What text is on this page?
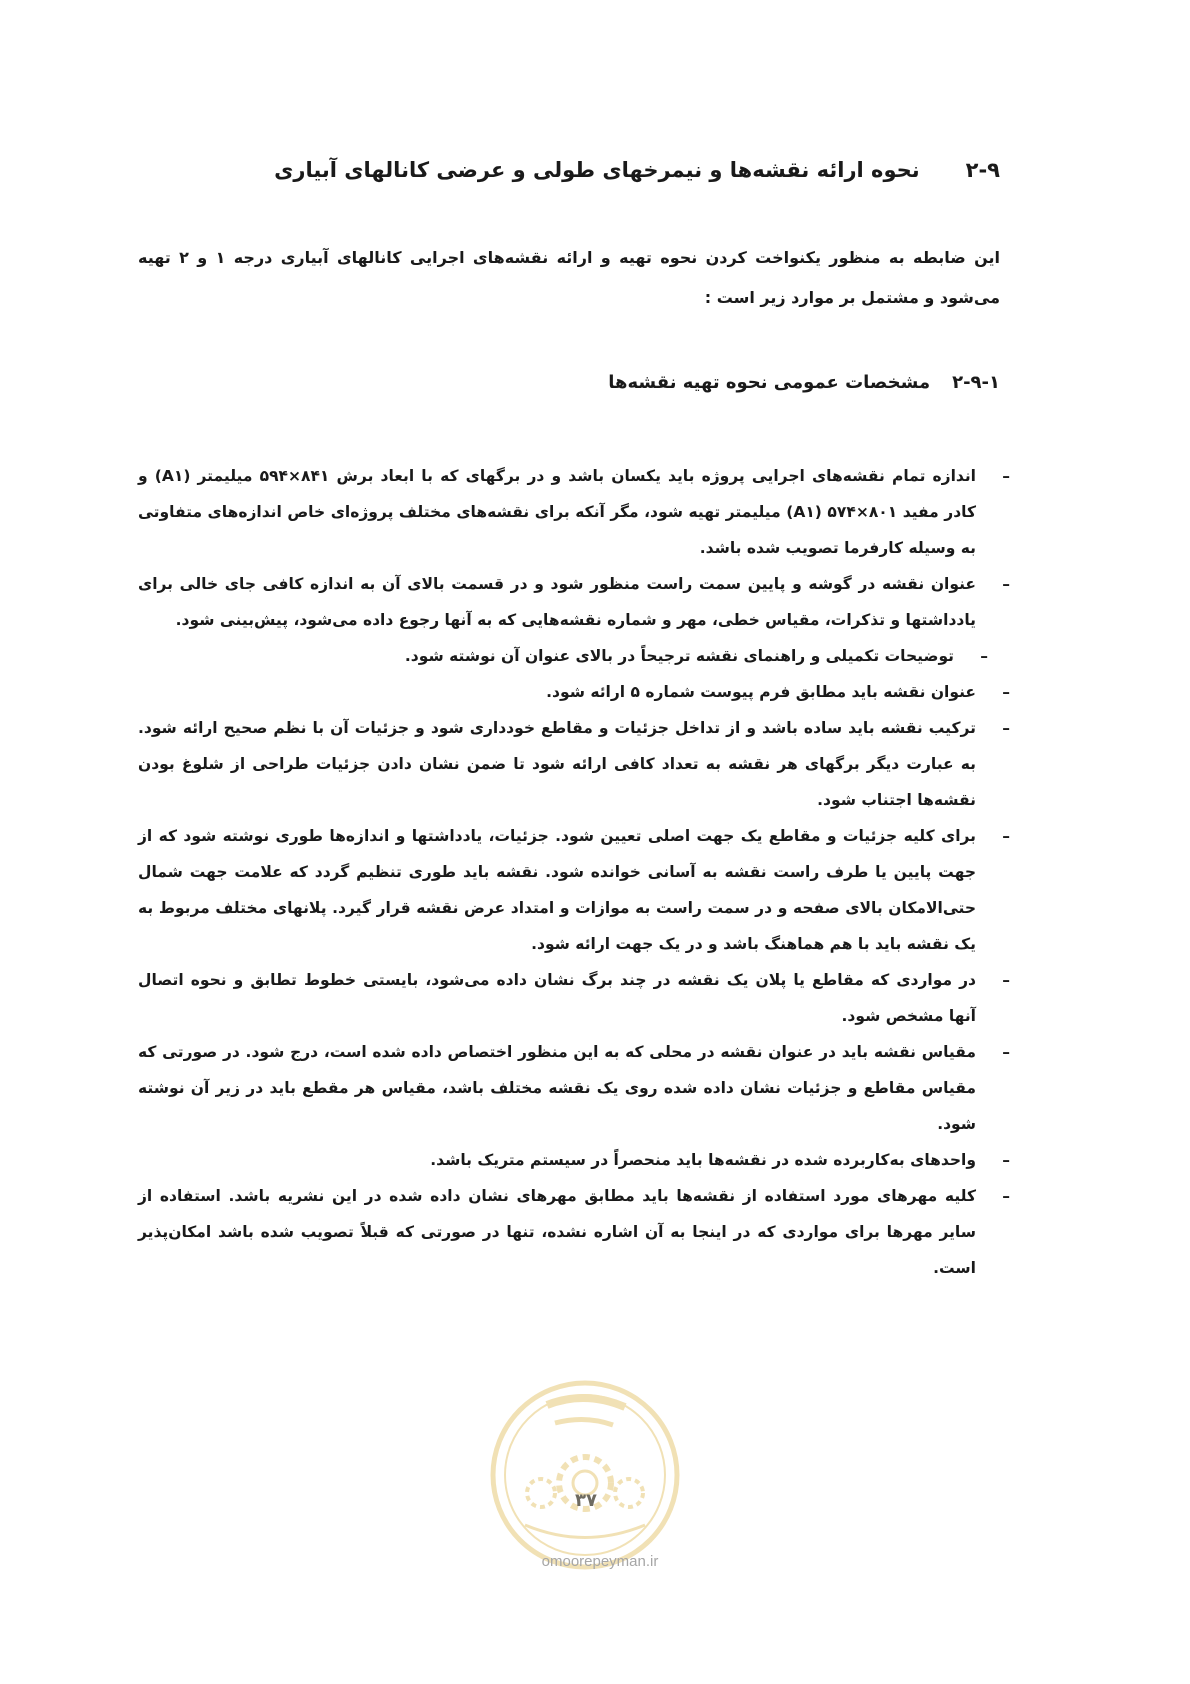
۲-۹
نحوه ارائه نقشه‌ها و نیمرخهای طولی و عرضی کانالهای آبیاری
این ضابطه به منظور یکنواخت کردن نحوه تهیه و ارائه نقشه‌های اجرایی کانالهای آبیاری درجه ۱ و ۲ تهیه می‌شود و مشتمل بر موارد زیر است :
۲-۹-۱
مشخصات عمومی نحوه تهیه نقشه‌ها
–
اندازه تمام نقشه‌های اجرایی پروژه باید یکسان باشد و در برگهای که با ابعاد برش ۸۴۱×۵۹۴ میلیمتر (A۱) و کادر مفید ۸۰۱×۵۷۴ (A۱) میلیمتر تهیه شود، مگر آنکه برای نقشه‌های مختلف پروژه‌ای خاص اندازه‌های متفاوتی به وسیله کارفرما تصویب شده باشد.
–
عنوان نقشه در گوشه و پایین سمت راست منظور شود و در قسمت بالای آن به اندازه کافی جای خالی برای یادداشتها و تذکرات، مقیاس خطی، مهر و شماره نقشه‌هایی که به آنها رجوع داده می‌شود، پیش‌بینی شود.
–
توضیحات تکمیلی و راهنمای نقشه ترجیحاً در بالای عنوان آن نوشته شود.
–
عنوان نقشه باید مطابق فرم پیوست شماره ۵ ارائه شود.
–
ترکیب نقشه باید ساده باشد و از تداخل جزئیات و مقاطع خودداری شود و جزئیات آن با نظم صحیح ارائه شود. به عبارت دیگر برگهای هر نقشه به تعداد کافی ارائه شود تا ضمن نشان دادن جزئیات طراحی از شلوغ بودن نقشه‌ها اجتناب شود.
–
برای کلیه جزئیات و مقاطع یک جهت اصلی تعیین شود. جزئیات، یادداشتها و اندازه‌ها طوری نوشته شود که از جهت پایین یا طرف راست نقشه به آسانی خوانده شود. نقشه باید طوری تنظیم گردد که علامت جهت شمال حتی‌الامکان بالای صفحه و در سمت راست به موازات و امتداد عرض نقشه قرار گیرد. پلانهای مختلف مربوط به یک نقشه باید با هم هماهنگ باشد و در یک جهت ارائه شود.
–
در مواردی که مقاطع یا پلان یک نقشه در چند برگ نشان داده می‌شود، بایستی خطوط تطابق و نحوه اتصال آنها مشخص شود.
–
مقیاس نقشه باید در عنوان نقشه در محلی که به این منظور اختصاص داده شده است، درج شود. در صورتی که مقیاس مقاطع و جزئیات نشان داده شده روی یک نقشه مختلف باشد، مقیاس هر مقطع باید در زیر آن نوشته شود.
–
واحدهای به‌کاربرده شده در نقشه‌ها باید منحصراً در سیستم متریک باشد.
–
کلیه مهرهای مورد استفاده از نقشه‌ها باید مطابق مهرهای نشان داده شده در این نشریه باشد. استفاده از سایر مهرها برای مواردی که در اینجا به آن اشاره نشده، تنها در صورتی که قبلاً تصویب شده باشد امکان‌پذیر است.
۳۷
omoorepeyman.ir
